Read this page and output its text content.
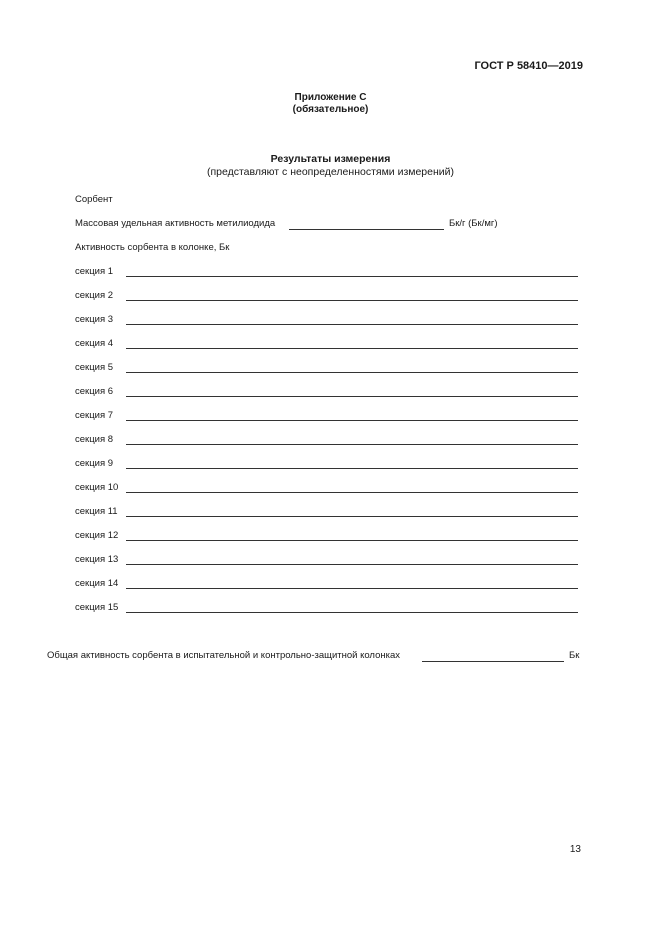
ГОСТ Р 58410—2019
Приложение С
(обязательное)
Результаты измерения
(представляют с неопределенностями измерений)
Сорбент
Массовая удельная активность метилиодида	Бк/г (Бк/мг)
Активность сорбента в колонке, Бк
секция 1
секция 2
секция 3
секция 4
секция 5
секция 6
секция 7
секция 8
секция 9
секция 10
секция 11
секция 12
секция 13
секция 14
секция 15
Общая активность сорбента в испытательной и контрольно-защитной колонках	Бк
13
